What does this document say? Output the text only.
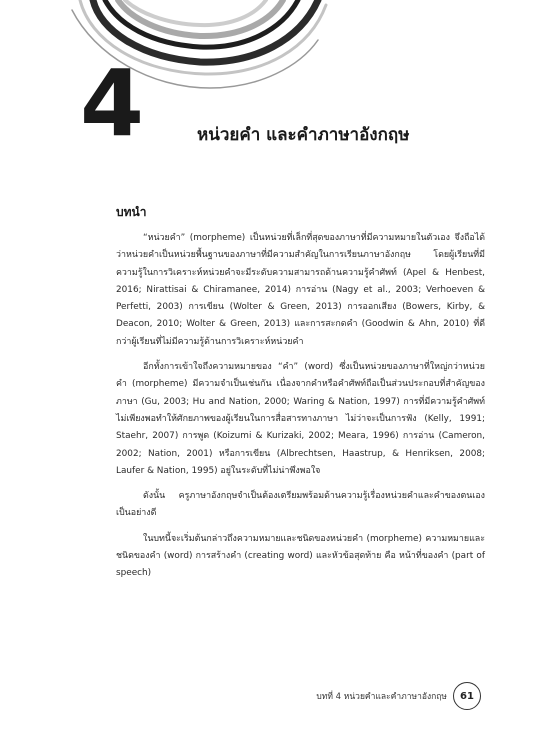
4	หน่วยคำ และคำภาษาอังกฤษ
บทนำ

“หน่วยคำ” (morpheme) เป็นหน่วยที่เล็กที่สุดของภาษาที่มีความหมายในตัวเอง จึงถือได้ว่าหน่วยคำเป็นหน่วยพื้นฐานของภาษาที่มีความสำคัญในการเรียนภาษาอังกฤษ โดยผู้เรียนที่มีความรู้ในการวิเคราะห์หน่วยคำจะมีระดับความสามารถด้านความรู้คำศัพท์ (Apel & Henbest, 2016; Nirattisai & Chiramanee, 2014) การอ่าน (Nagy et al., 2003; Verhoeven & Perfetti, 2003) การเขียน (Wolter & Green, 2013) การออกเสียง (Bowers, Kirby, & Deacon, 2010; Wolter & Green, 2013) และการสะกดคำ (Goodwin & Ahn, 2010) ที่ดีกว่าผู้เรียนที่ไม่มีความรู้ด้านการวิเคราะห์หน่วยคำ

อีกทั้งการเข้าใจถึงความหมายของ “คำ” (word) ซึ่งเป็นหน่วยของภาษาที่ใหญ่กว่าหน่วยคำ (morpheme) มีความจำเป็นเช่นกัน เนื่องจากคำหรือคำศัพท์ถือเป็นส่วนประกอบที่สำคัญของภาษา (Gu, 2003; Hu and Nation, 2000; Waring & Nation, 1997) การที่มีความรู้คำศัพท์ไม่เพียงพอทำให้ศักยภาพของผู้เรียนในการสื่อสารทางภาษา ไม่ว่าจะเป็นการฟัง (Kelly, 1991; Staehr, 2007) การพูด (Koizumi & Kurizaki, 2002; Meara, 1996) การอ่าน (Cameron, 2002; Nation, 2001) หรือการเขียน (Albrechtsen, Haastrup, & Henriksen, 2008; Laufer & Nation, 1995) อยู่ในระดับที่ไม่น่าพึงพอใจ

ดังนั้น ครูภาษาอังกฤษจำเป็นต้องเตรียมพร้อมด้านความรู้เรื่องหน่วยคำและคำของตนเองเป็นอย่างดี

ในบทนี้จะเริ่มต้นกล่าวถึงความหมายและชนิดของหน่วยคำ (morpheme) ความหมายและชนิดของคำ (word) การสร้างคำ (creating word) และหัวข้อสุดท้าย คือ หน้าที่ของคำ (part of speech)

บทที่ 4 หน่วยคำและคำภาษาอังกฤษ	61
